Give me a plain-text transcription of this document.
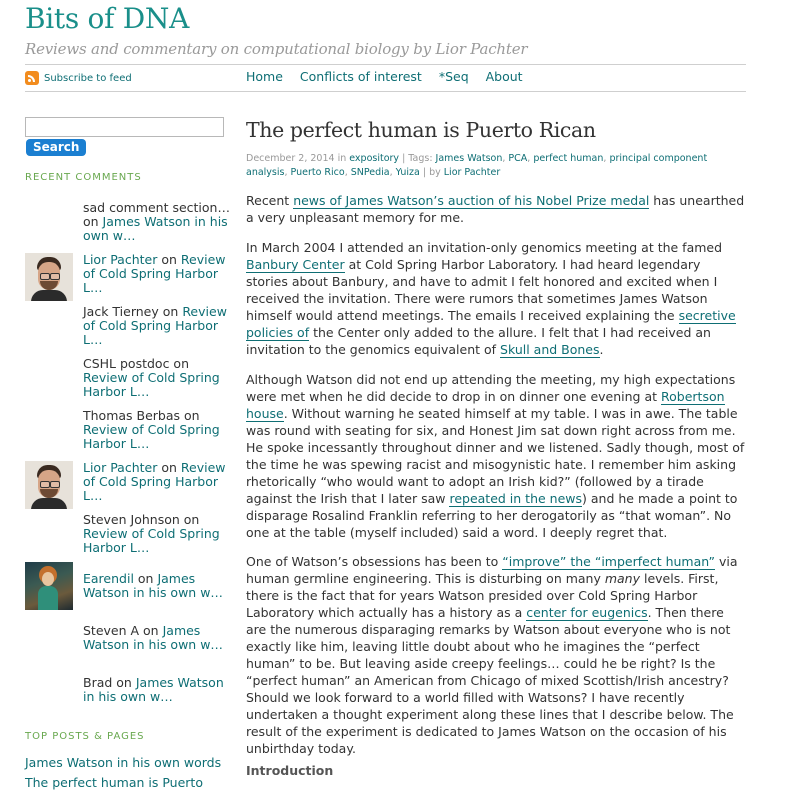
Bits of DNA
Reviews and commentary on computational biology by Lior Pachter
Subscribe to feed	Home Conflicts of interest *Seq About
Search
RECENT COMMENTS
sad comment section… on James Watson in his own w…
Lior Pachter on Review of Cold Spring Harbor L…
Jack Tierney on Review of Cold Spring Harbor L…
CSHL postdoc on Review of Cold Spring Harbor L…
Thomas Berbas on Review of Cold Spring Harbor L…
Lior Pachter on Review of Cold Spring Harbor L…
Steven Johnson on Review of Cold Spring Harbor L…
Earendil on James Watson in his own w…
Steven A on James Watson in his own w…
Brad on James Watson in his own w…
TOP POSTS & PAGES
James Watson in his own words
The perfect human is Puerto
The perfect human is Puerto Rican
December 2, 2014 in expository | Tags: James Watson, PCA, perfect human, principal component analysis, Puerto Rico, SNPedia, Yuiza | by Lior Pachter
Recent news of James Watson’s auction of his Nobel Prize medal has unearthed a very unpleasant memory for me.
In March 2004 I attended an invitation-only genomics meeting at the famed Banbury Center at Cold Spring Harbor Laboratory. I had heard legendary stories about Banbury, and have to admit I felt honored and excited when I received the invitation. There were rumors that sometimes James Watson himself would attend meetings. The emails I received explaining the secretive policies of the Center only added to the allure. I felt that I had received an invitation to the genomics equivalent of Skull and Bones.
Although Watson did not end up attending the meeting, my high expectations were met when he did decide to drop in on dinner one evening at Robertson house. Without warning he seated himself at my table. I was in awe. The table was round with seating for six, and Honest Jim sat down right across from me. He spoke incessantly throughout dinner and we listened. Sadly though, most of the time he was spewing racist and misogynistic hate. I remember him asking rhetorically “who would want to adopt an Irish kid?” (followed by a tirade against the Irish that I later saw repeated in the news) and he made a point to disparage Rosalind Franklin referring to her derogatorily as “that woman”. No one at the table (myself included) said a word. I deeply regret that.
One of Watson’s obsessions has been to “improve” the “imperfect human” via human germline engineering. This is disturbing on many many levels. First, there is the fact that for years Watson presided over Cold Spring Harbor Laboratory which actually has a history as a center for eugenics. Then there are the numerous disparaging remarks by Watson about everyone who is not exactly like him, leaving little doubt about who he imagines the “perfect human” to be. But leaving aside creepy feelings… could he be right? Is the “perfect human” an American from Chicago of mixed Scottish/Irish ancestry? Should we look forward to a world filled with Watsons? I have recently undertaken a thought experiment along these lines that I describe below. The result of the experiment is dedicated to James Watson on the occasion of his unbirthday today.
Introduction
